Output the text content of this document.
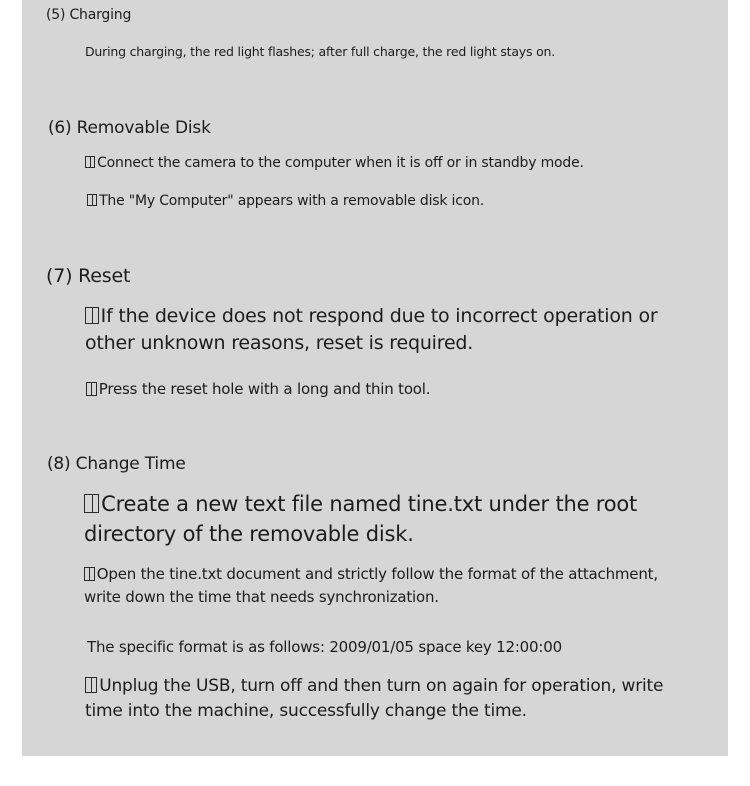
(5) Charging
During charging, the red light flashes; after full charge, the red light stays on.
(6) Removable Disk
Connect the camera to the computer when it is off or in standby mode.
The "My Computer" appears with a removable disk icon.
(7) Reset
If the device does not respond due to incorrect operation or
other unknown reasons, reset is required.
Press the reset hole with a long and thin tool.
(8) Change Time
Create a new text file named tine.txt under the root
directory of the removable disk.
Open the tine.txt document and strictly follow the format of the attachment,
write down the time that needs synchronization.
The specific format is as follows: 2009/01/05 space key 12:00:00
Unplug the USB, turn off and then turn on again for operation, write
time into the machine, successfully change the time.
